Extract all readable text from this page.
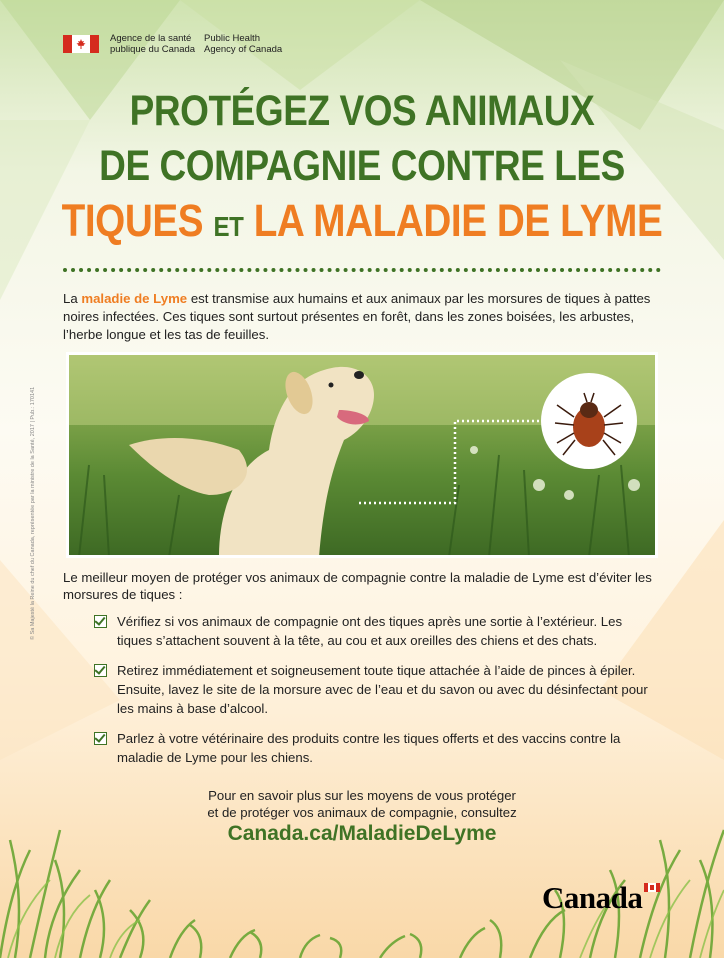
Agence de la santé
publique du Canada
Public Health
Agency of Canada
PROTÉGEZ VOS ANIMAUX
DE COMPAGNIE CONTRE LES
TIQUES ET LA MALADIE DE LYME
La maladie de Lyme est transmise aux humains et aux animaux par les morsures de tiques à pattes noires infectées. Ces tiques sont surtout présentes en forêt, dans les zones boisées, les arbustes, l’herbe longue et les tas de feuilles.
© Sa Majesté la Reine du chef du Canada, représentée par la ministre de la Santé, 2017 | Pub.: 170141 Le meilleur moyen de protéger vos animaux de compagnie contre la maladie de Lyme est d’éviter les morsures de tiques :
Vérifiez si vos animaux de compagnie ont des tiques après une sortie à l’extérieur. Les tiques s’attachent souvent à la tête, au cou et aux oreilles des chiens et des chats.
Retirez immédiatement et soigneusement toute tique attachée à l’aide de pinces à épiler. Ensuite, lavez le site de la morsure avec de l’eau et du savon ou avec du désinfectant pour les mains à base d’alcool.
Parlez à votre vétérinaire des produits contre les tiques offerts et des vaccins contre la maladie de Lyme pour les chiens.
Pour en savoir plus sur les moyens de vous protéger
et de protéger vos animaux de compagnie, consultez
Canada.ca/MaladieDeLyme
Canada
